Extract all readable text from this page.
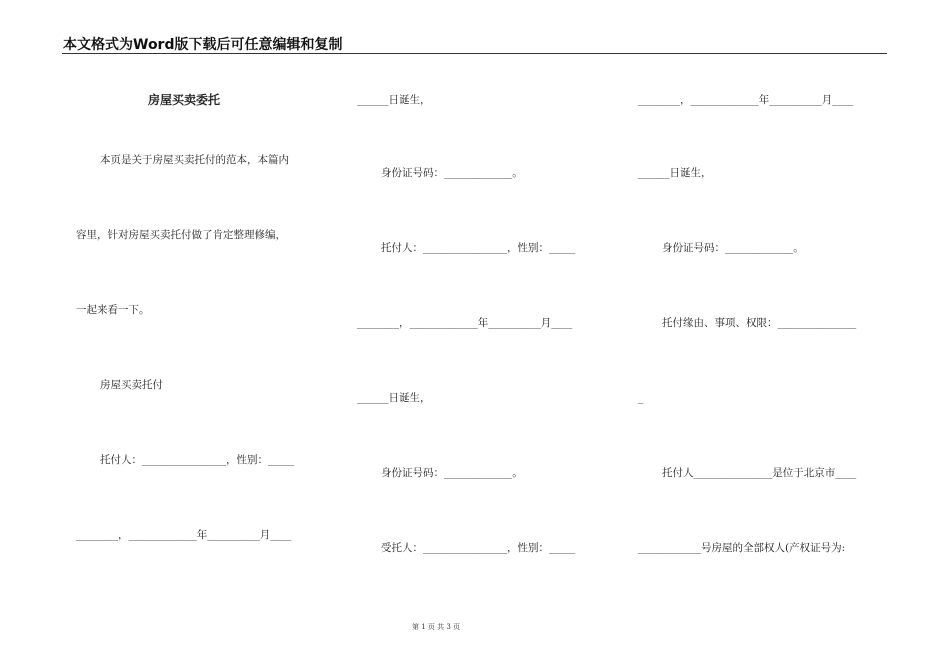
本文格式为Word版下载后可任意编辑和复制
房屋买卖委托
本页是关于房屋买卖托付的范本，本篇内
容里，针对房屋买卖托付做了肯定整理修编，
一起来看一下。
房屋买卖托付
托付人：________________，性别：_____
________，_____________年__________月____
______日诞生，
身份证号码：_____________。
托付人：________________，性别：_____
________，_____________年__________月____
______日诞生，
身份证号码：_____________。
受托人：________________，性别：_____
________，_____________年__________月____
______日诞生，
身份证号码：_____________。
托付缘由、事项、权限：_______________
_
托付人_______________是位于北京市____
____________号房屋的全部权人(产权证号为:
第 1 页 共 3 页
